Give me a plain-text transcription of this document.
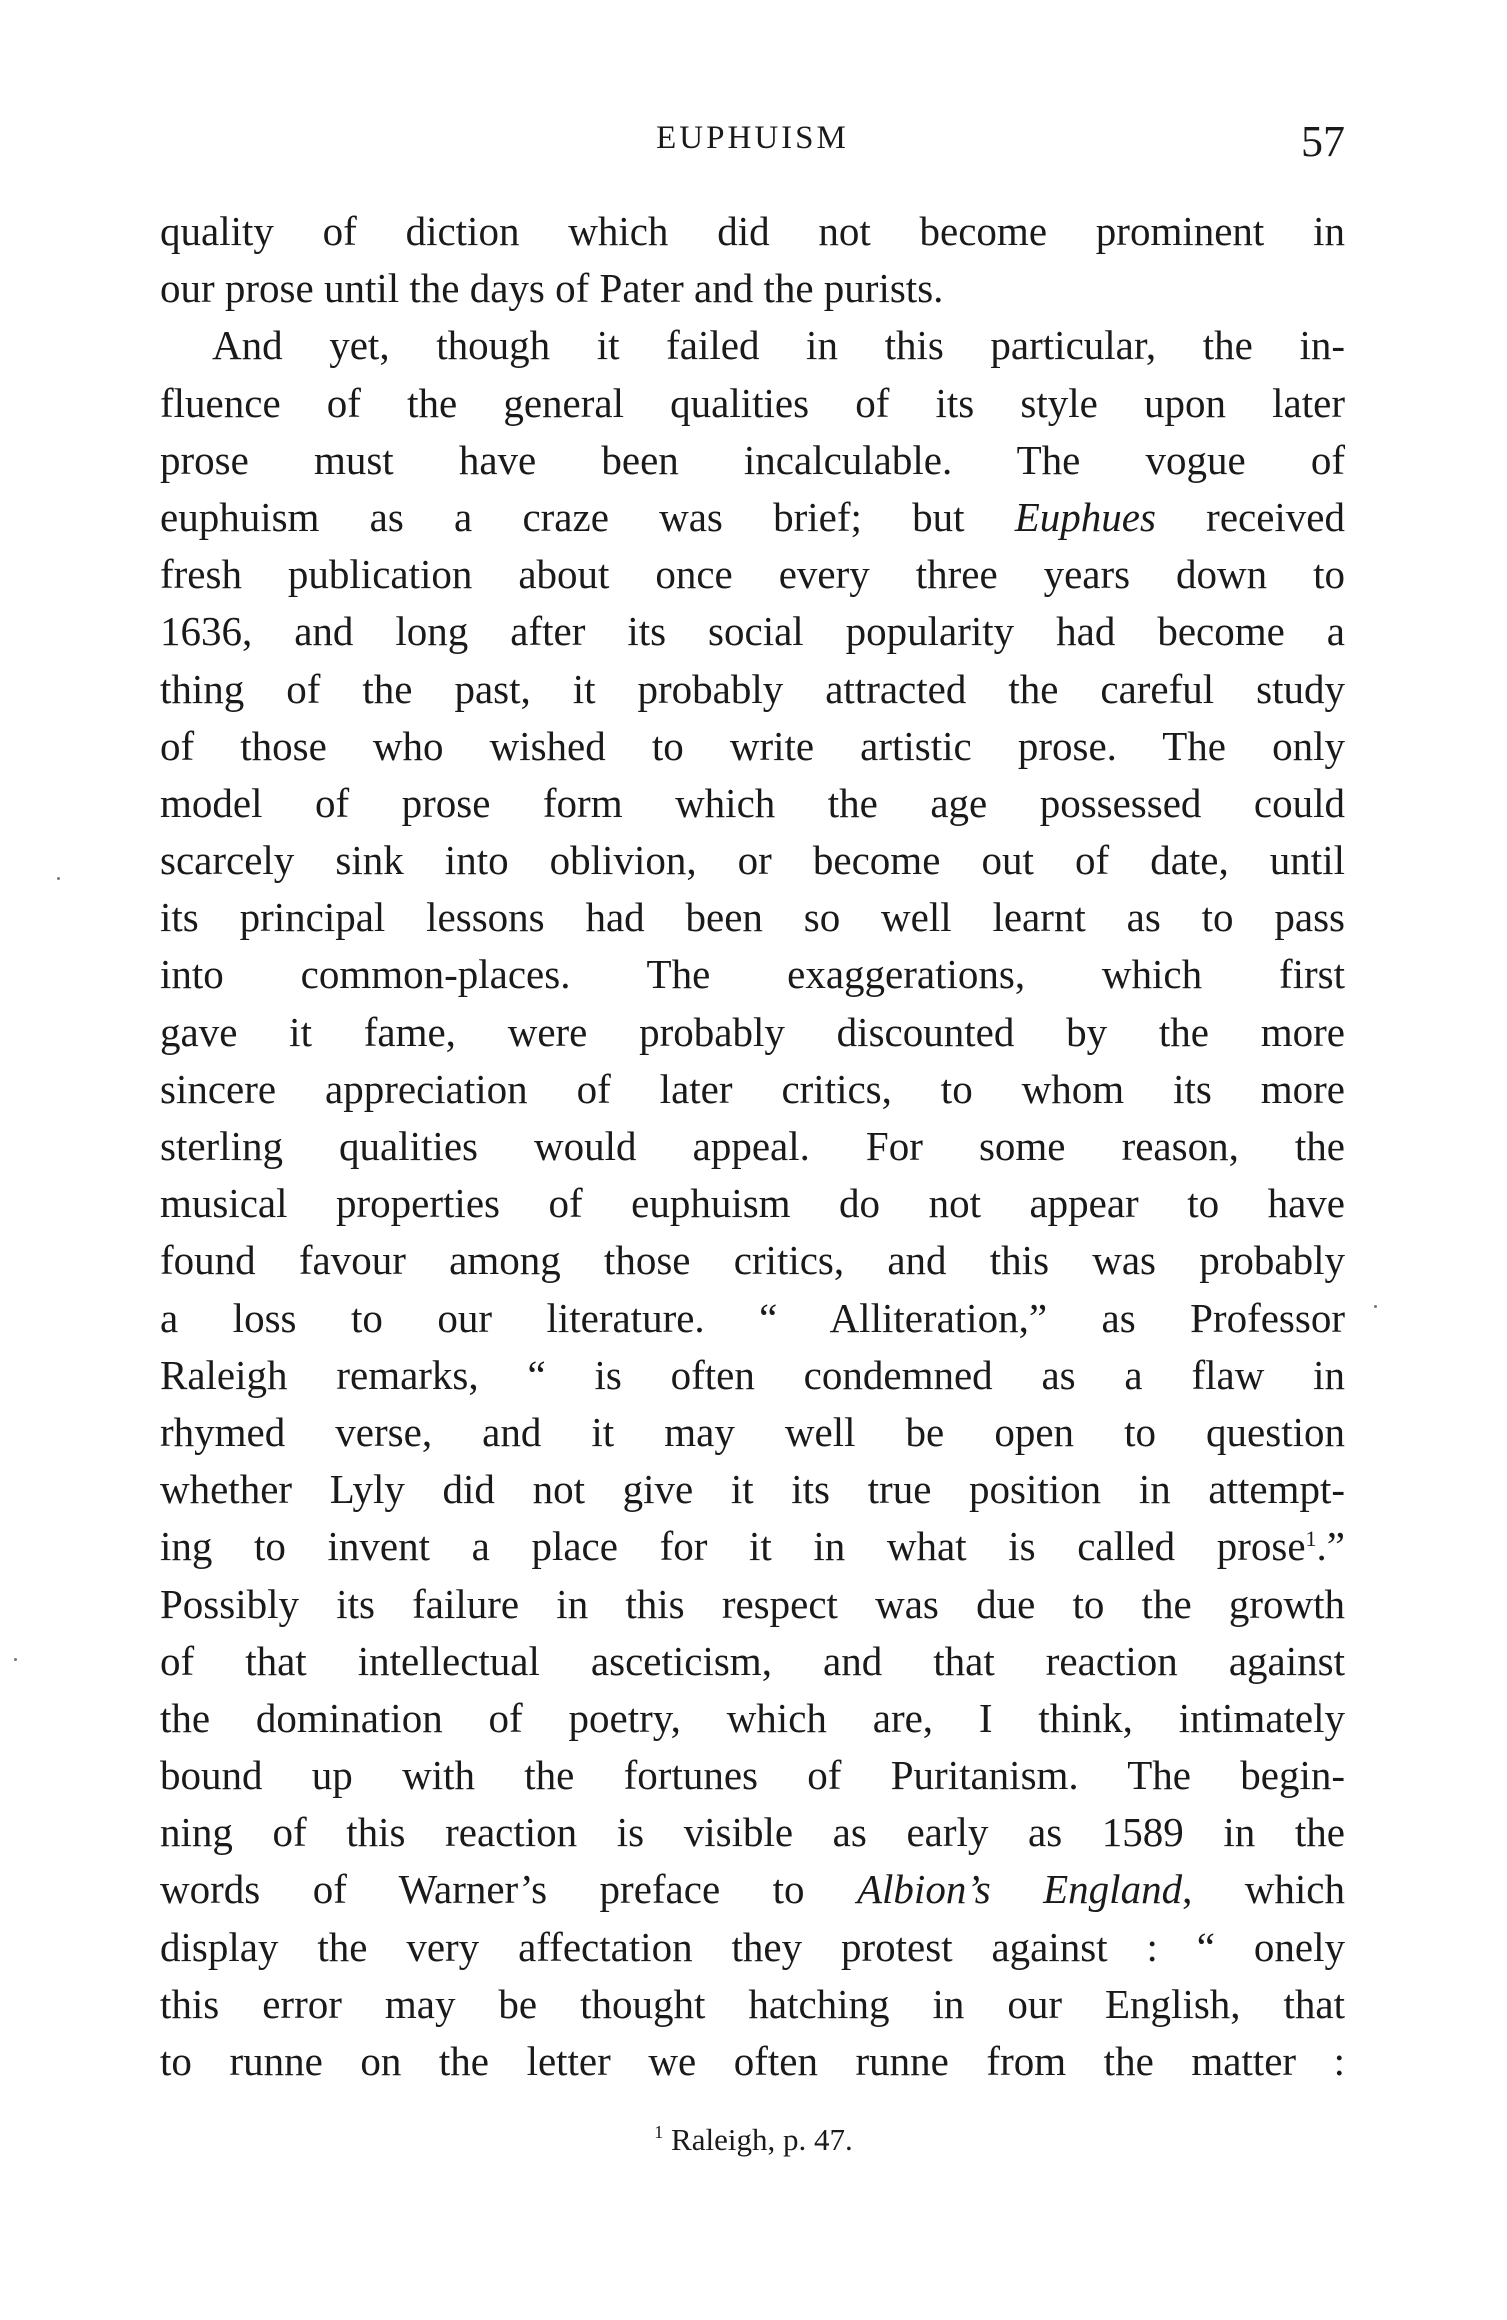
EUPHUISM	57
quality of diction which did not become prominent in
our prose until the days of Pater and the purists.
And yet, though it failed in this particular, the in-
fluence of the general qualities of its style upon later
prose must have been incalculable. The vogue of
euphuism as a craze was brief; but Euphues received
fresh publication about once every three years down to
1636, and long after its social popularity had become a
thing of the past, it probably attracted the careful study
of those who wished to write artistic prose. The only
model of prose form which the age possessed could
scarcely sink into oblivion, or become out of date, until
its principal lessons had been so well learnt as to pass
into common-places. The exaggerations, which first
gave it fame, were probably discounted by the more
sincere appreciation of later critics, to whom its more
sterling qualities would appeal. For some reason, the
musical properties of euphuism do not appear to have
found favour among those critics, and this was probably
a loss to our literature. “ Alliteration,” as Professor
Raleigh remarks, “ is often condemned as a flaw in
rhymed verse, and it may well be open to question
whether Lyly did not give it its true position in attempt-
ing to invent a place for it in what is called prose$^1$.”
Possibly its failure in this respect was due to the growth
of that intellectual asceticism, and that reaction against
the domination of poetry, which are, I think, intimately
bound up with the fortunes of Puritanism. The begin-
ning of this reaction is visible as early as 1589 in the
words of Warner’s preface to Albion’s England, which
display the very affectation they protest against : “ onely
this error may be thought hatching in our English, that
to runne on the letter we often runne from the matter :
$^1$ Raleigh, p. 47.
